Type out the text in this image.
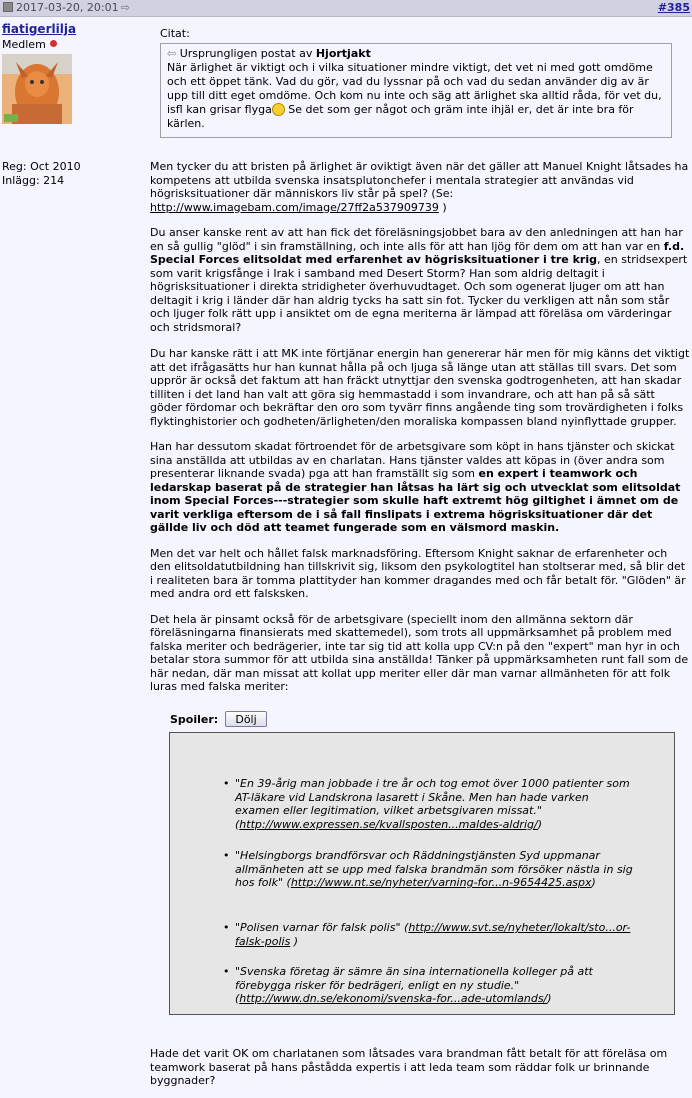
2017-03-20, 20:01 ⇨	#385
fiatigerlilja
Medlem
Reg: Oct 2010
Inlägg: 214
Citat:
⇦ Ursprungligen postat av Hjortjakt
När ärlighet är viktigt och i vilka situationer mindre viktigt, det vet ni med gott omdöme och ett öppet tänk. Vad du gör, vad du lyssnar på och vad du sedan använder dig av är upp till ditt eget omdöme. Och kom nu inte och säg att ärlighet ska alltid råda, för vet du, isfl kan grisar flyga Se det som ger något och gräm inte ihjäl er, det är inte bra för kärlen.

Men tycker du att bristen på ärlighet är oviktigt även när det gäller att Manuel Knight låtsades ha kompetens att utbilda svenska insatsplutonchefer i mentala strategier att användas vid högrisksituationer där människors liv står på spel? (Se: http://www.imagebam.com/image/27ff2a537909739 )

Du anser kanske rent av att han fick det föreläsningsjobbet bara av den anledningen att han har en så gullig "glöd" i sin framställning, och inte alls för att han ljög för dem om att han var en f.d. Special Forces elitsoldat med erfarenhet av högrisksituationer i tre krig, en stridsexpert som varit krigsfånge i Irak i samband med Desert Storm? Han som aldrig deltagit i högrisksituationer i direkta stridigheter överhuvudtaget. Och som ogenerat ljuger om att han deltagit i krig i länder där han aldrig tycks ha satt sin fot. Tycker du verkligen att nån som står och ljuger folk rätt upp i ansiktet om de egna meriterna är lämpad att föreläsa om värderingar och stridsmoral?

Du har kanske rätt i att MK inte förtjänar energin han genererar här men för mig känns det viktigt att det ifrågasätts hur han kunnat hålla på och ljuga så länge utan att ställas till svars. Det som upprör är också det faktum att han fräckt utnyttjar den svenska godtrogenheten, att han skadar tilliten i det land han valt att göra sig hemmastadd i som invandrare, och att han på så sätt göder fördomar och bekräftar den oro som tyvärr finns angående ting som trovärdigheten i folks flyktinghistorier och godheten/ärligheten/den moraliska kompassen bland nyinflyttade grupper.

Han har dessutom skadat förtroendet för de arbetsgivare som köpt in hans tjänster och skickat sina anställda att utbildas av en charlatan. Hans tjänster valdes att köpas in (över andra som presenterar liknande svada) pga att han framställt sig som en expert i teamwork och ledarskap baserat på de strategier han låtsas ha lärt sig och utvecklat som elitsoldat inom Special Forces---strategier som skulle haft extremt hög giltighet i ämnet om de varit verkliga eftersom de i så fall finslipats i extrema högrisksituationer där det gällde liv och död att teamet fungerade som en välsmord maskin.

Men det var helt och hållet falsk marknadsföring. Eftersom Knight saknar de erfarenheter och den elitsoldatutbildning han tillskrivit sig, liksom den psykologtitel han stoltserar med, så blir det i realiteten bara är tomma plattityder han kommer dragandes med och får betalt för. "Glöden" är med andra ord ett falsksken.

Det hela är pinsamt också för de arbetsgivare (speciellt inom den allmänna sektorn där föreläsningarna finansierats med skattemedel), som trots all uppmärksamhet på problem med falska meriter och bedrägerier, inte tar sig tid att kolla upp CV:n på den "expert" man hyr in och betalar stora summor för att utbilda sina anställda! Tänker på uppmärksamheten runt fall som de här nedan, där man missat att kollat upp meriter eller där man varnar allmänheten för att folk luras med falska meriter:

Spoiler:	Dölj
• "En 39-årig man jobbade i tre år och tog emot över 1000 patienter som AT-läkare vid Landskrona lasarett i Skåne. Men han hade varken examen eller legitimation, vilket arbetsgivaren missat." (http://www.expressen.se/kvallsposten...maldes-aldrig/)
• "Helsingborgs brandförsvar och Räddningstjänsten Syd uppmanar allmänheten att se upp med falska brandmän som försöker nästla in sig hos folk" (http://www.nt.se/nyheter/varning-for...n-9654425.aspx)
• "Polisen varnar för falsk polis" (http://www.svt.se/nyheter/lokalt/sto...or-falsk-polis )
• "Svenska företag är sämre än sina internationella kolleger på att förebygga risker för bedrägeri, enligt en ny studie." (http://www.dn.se/ekonomi/svenska-for...ade-utomlands/)
Hade det varit OK om charlatanen som låtsades vara brandman fått betalt för att föreläsa om teamwork baserat på hans påstådda expertis i att leda team som räddar folk ur brinnande byggnader?
